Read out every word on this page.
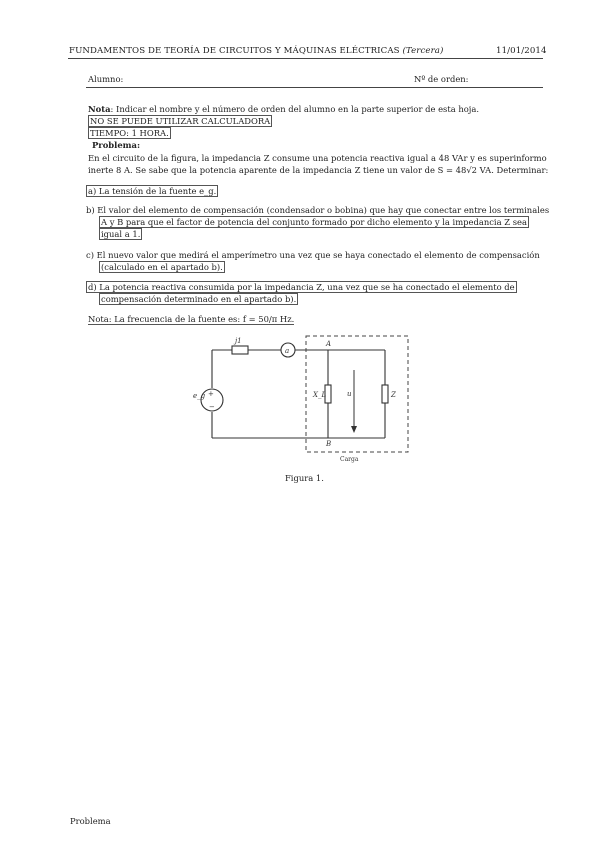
FUNDAMENTOS DE TEORÍA DE CIRCUITOS Y MÁQUINAS ELÉCTRICAS (Tercera)	11/01/2014
Alumno:	Nº de orden:
Nota: Indicar el nombre y el número de orden del alumno en la parte superior de esta hoja.
NO SE PUEDE UTILIZAR CALCULADORA
TIEMPO: 1 HORA.
Problema:
En el circuito de la figura, la impedancia Z consume una potencia reactiva igual a 48 VAr y es superinformo
inerte 8 A. Se sabe que la potencia aparente de la impedancia Z tiene un valor de S = 48√2 VA. Determinar:
a) La tensión de la fuente e_g.
b) El valor del elemento de compensación (condensador o bobina) que hay que conectar entre los terminales
A y B para que el factor de potencia del conjunto formado por dicho elemento y la impedancia Z sea
igual a 1.
c) El nuevo valor que medirá el amperímetro una vez que se haya conectado el elemento de compensación
(calculado en el apartado b).
d) La potencia reactiva consumida por la impedancia Z, una vez que se ha conectado el elemento de
compensación determinado en el apartado b).
Nota: La frecuencia de la fuente es: f = 50/π Hz.
+
−
j1
a
A
B
e_g	X_L	u	Z
Carga
Figura 1.
Problema
